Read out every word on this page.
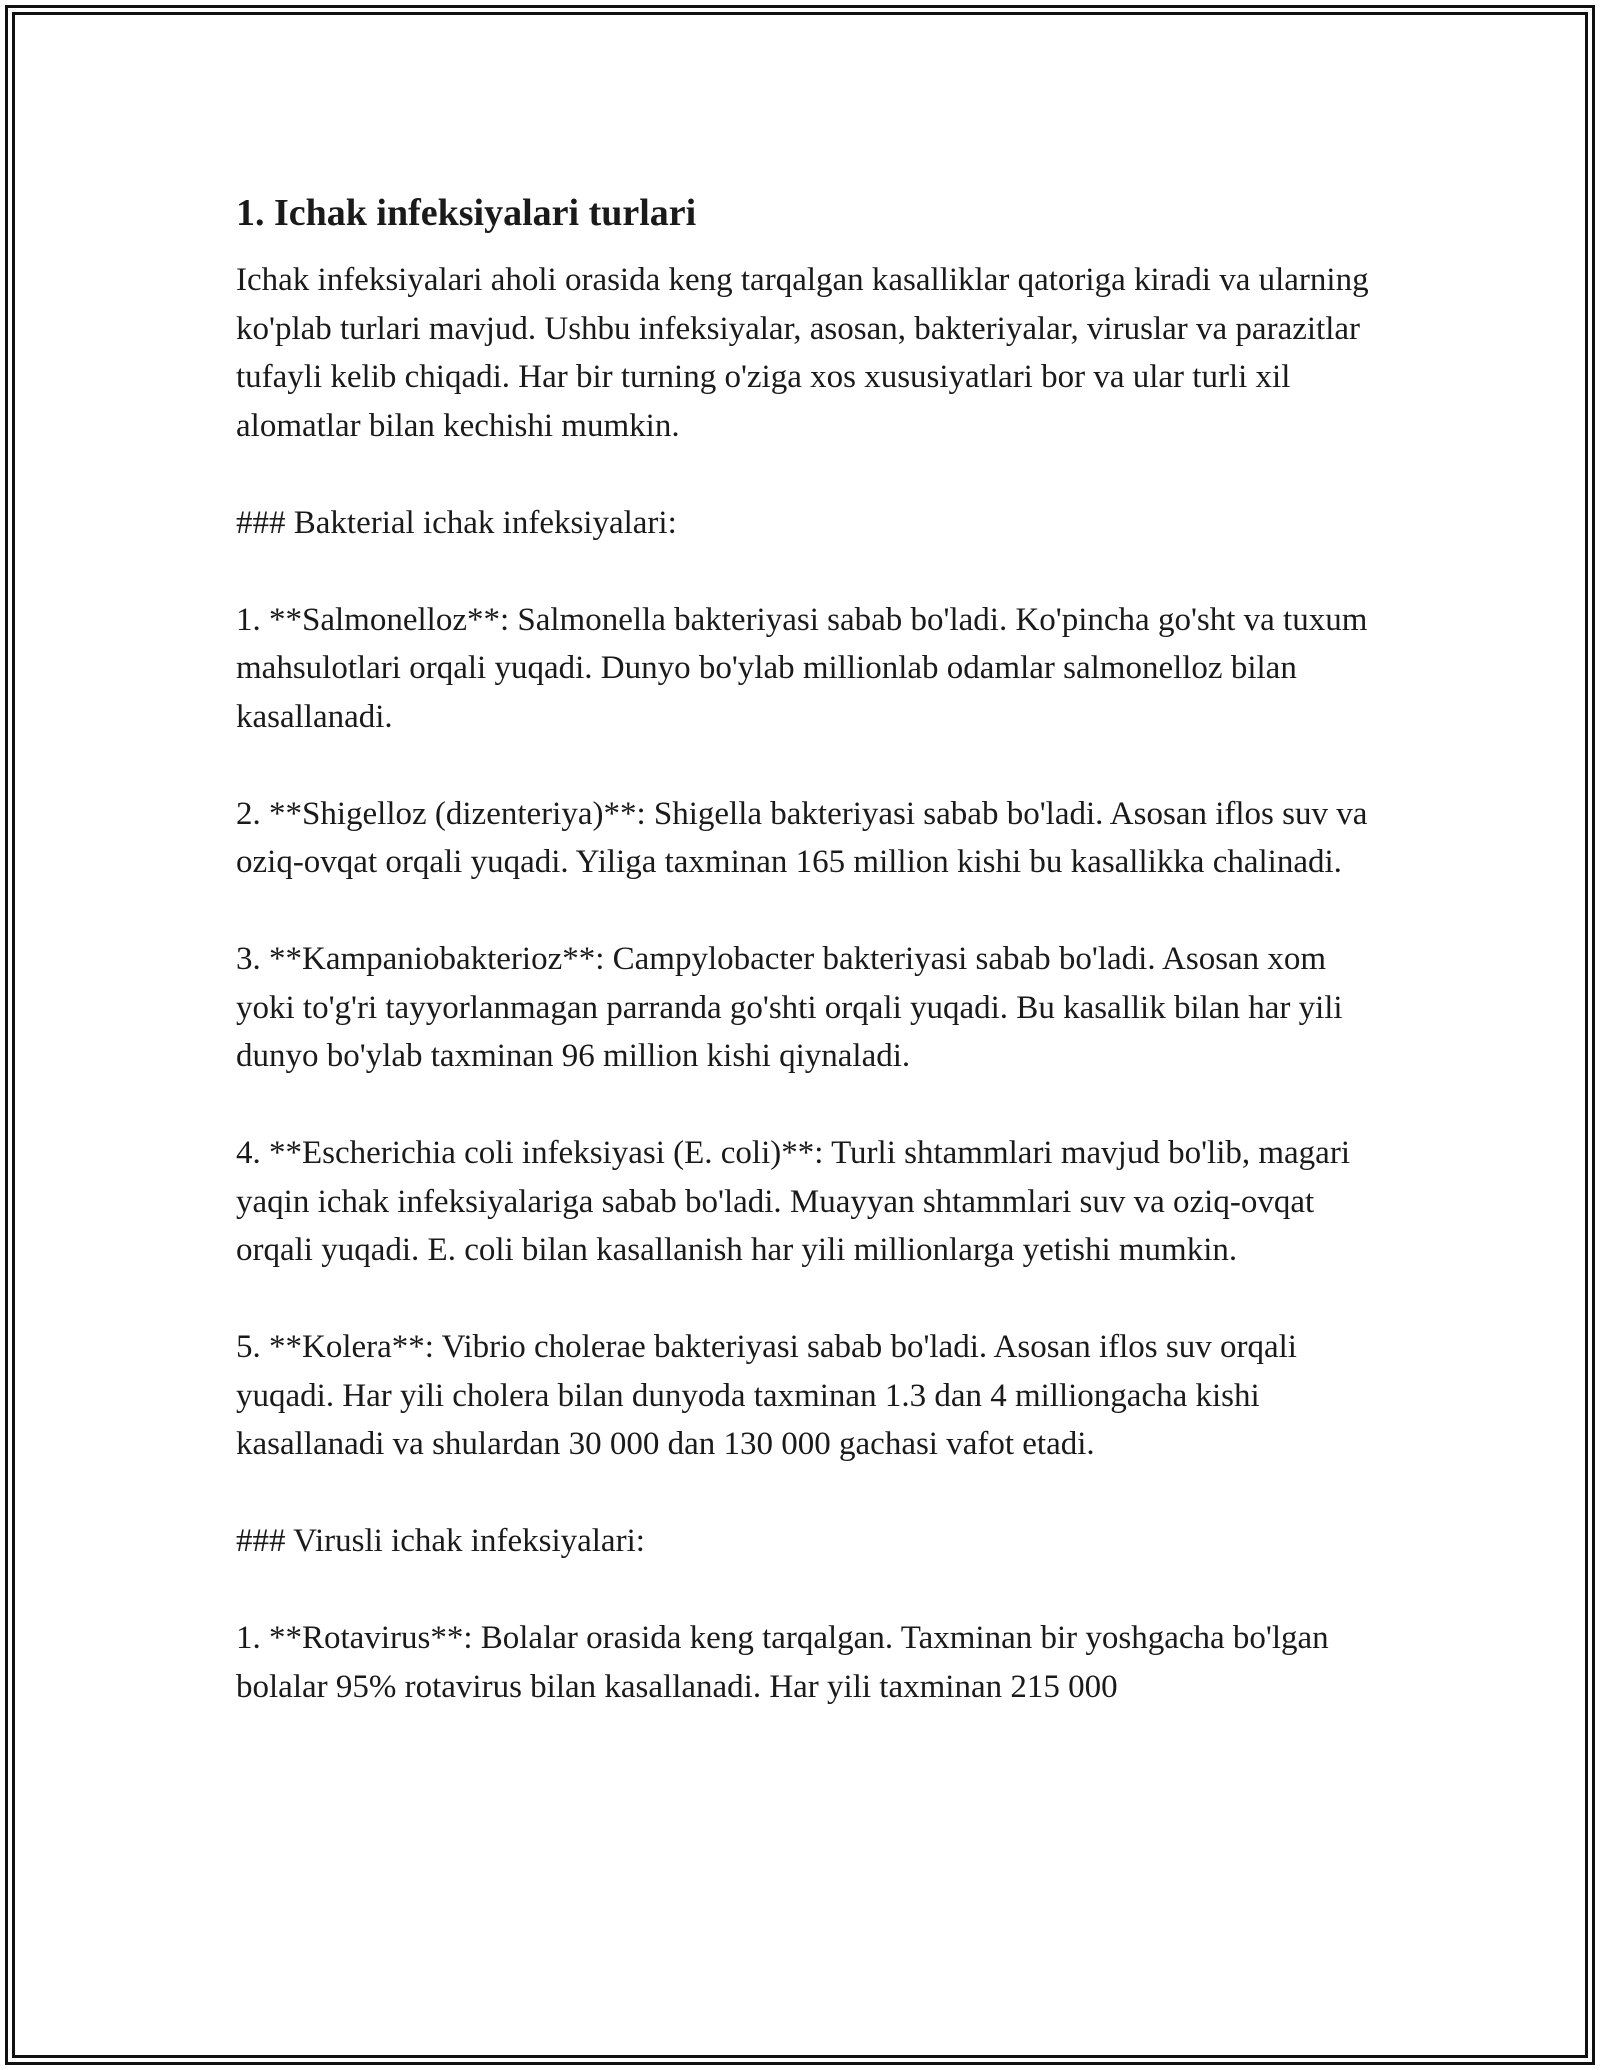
1. Ichak infeksiyalari turlari

Ichak infeksiyalari aholi orasida keng tarqalgan kasalliklar qatoriga kiradi va ularning ko'plab turlari mavjud. Ushbu infeksiyalar, asosan, bakteriyalar, viruslar va parazitlar tufayli kelib chiqadi. Har bir turning o'ziga xos xususiyatlari bor va ular turli xil alomatlar bilan kechishi mumkin.

### Bakterial ichak infeksiyalari:

1. **Salmonelloz**: Salmonella bakteriyasi sabab bo'ladi. Ko'pincha go'sht va tuxum mahsulotlari orqali yuqadi. Dunyo bo'ylab millionlab odamlar salmonelloz bilan kasallanadi.

2. **Shigelloz (dizenteriya)**: Shigella bakteriyasi sabab bo'ladi. Asosan iflos suv va oziq-ovqat orqali yuqadi. Yiliga taxminan 165 million kishi bu kasallikka chalinadi.

3. **Kampaniobakterioz**: Campylobacter bakteriyasi sabab bo'ladi. Asosan xom yoki to'g'ri tayyorlanmagan parranda go'shti orqali yuqadi. Bu kasallik bilan har yili dunyo bo'ylab taxminan 96 million kishi qiynaladi.

4. **Escherichia coli infeksiyasi (E. coli)**: Turli shtammlari mavjud bo'lib, magari yaqin ichak infeksiyalariga sabab bo'ladi. Muayyan shtammlari suv va oziq-ovqat orqali yuqadi. E. coli bilan kasallanish har yili millionlarga yetishi mumkin.

5. **Kolera**: Vibrio cholerae bakteriyasi sabab bo'ladi. Asosan iflos suv orqali yuqadi. Har yili cholera bilan dunyoda taxminan 1.3 dan 4 milliongacha kishi kasallanadi va shulardan 30 000 dan 130 000 gachasi vafot etadi.

### Virusli ichak infeksiyalari:

1. **Rotavirus**: Bolalar orasida keng tarqalgan. Taxminan bir yoshgacha bo'lgan bolalar 95% rotavirus bilan kasallanadi. Har yili taxminan 215 000
